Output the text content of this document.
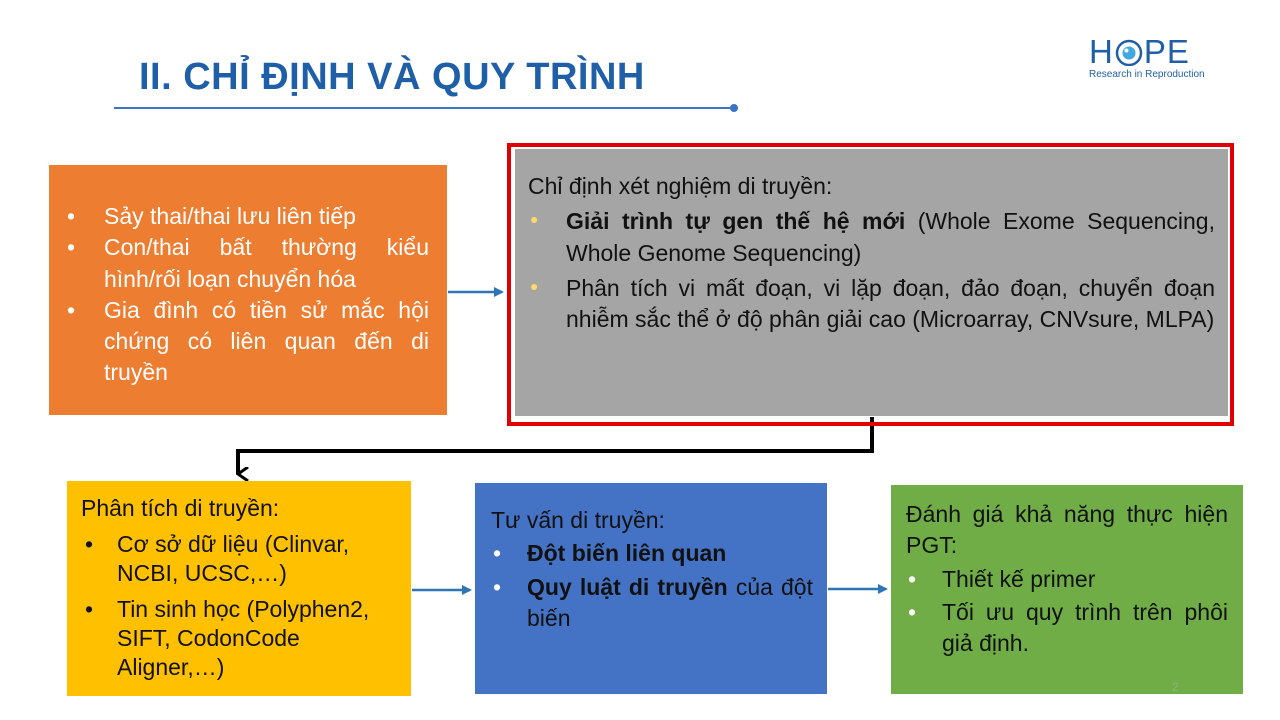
II. CHỈ ĐỊNH VÀ QUY TRÌNH
H PE
Research in Reproduction
• Sảy thai/thai lưu liên tiếp
• Con/thai bất thường kiểu hình/rối loạn chuyển hóa
• Gia đình có tiền sử mắc hội chứng có liên quan đến di truyền
Chỉ định xét nghiệm di truyền:
● Giải trình tự gen thế hệ mới (Whole Exome Sequencing, Whole Genome Sequencing)
● Phân tích vi mất đoạn, vi lặp đoạn, đảo đoạn, chuyển đoạn nhiễm sắc thể ở độ phân giải cao (Microarray, CNVsure, MLPA)
Phân tích di truyền:
• Cơ sở dữ liệu (Clinvar, NCBI, UCSC,…)
• Tin sinh học (Polyphen2, SIFT, CodonCode Aligner,…)
Tư vấn di truyền:
• Đột biến liên quan
• Quy luật di truyền của đột biến
Đánh giá khả năng thực hiện PGT:
• Thiết kế primer
• Tối ưu quy trình trên phôi giả định.
2
